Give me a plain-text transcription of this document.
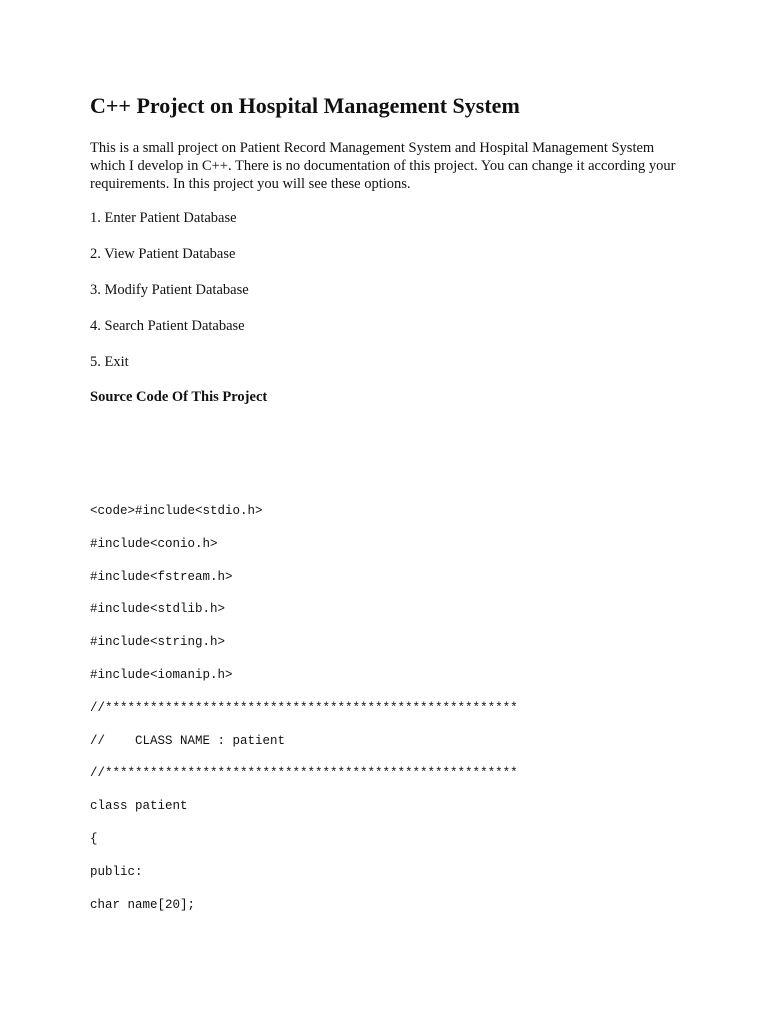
C++ Project on Hospital Management System

This is a small project on Patient Record Management System and Hospital Management System which I develop in C++. There is no documentation of this project. You can change it according your requirements. In this project you will see these options.

1. Enter Patient Database
2. View Patient Database
3. Modify Patient Database
4. Search Patient Database
5. Exit

Source Code Of This Project

<code>#include<stdio.h>
#include<conio.h>
#include<fstream.h>
#include<stdlib.h>
#include<string.h>
#include<iomanip.h>
//*******************************************************
//    CLASS NAME : patient
//*******************************************************
class patient
{
public:
char name[20];
